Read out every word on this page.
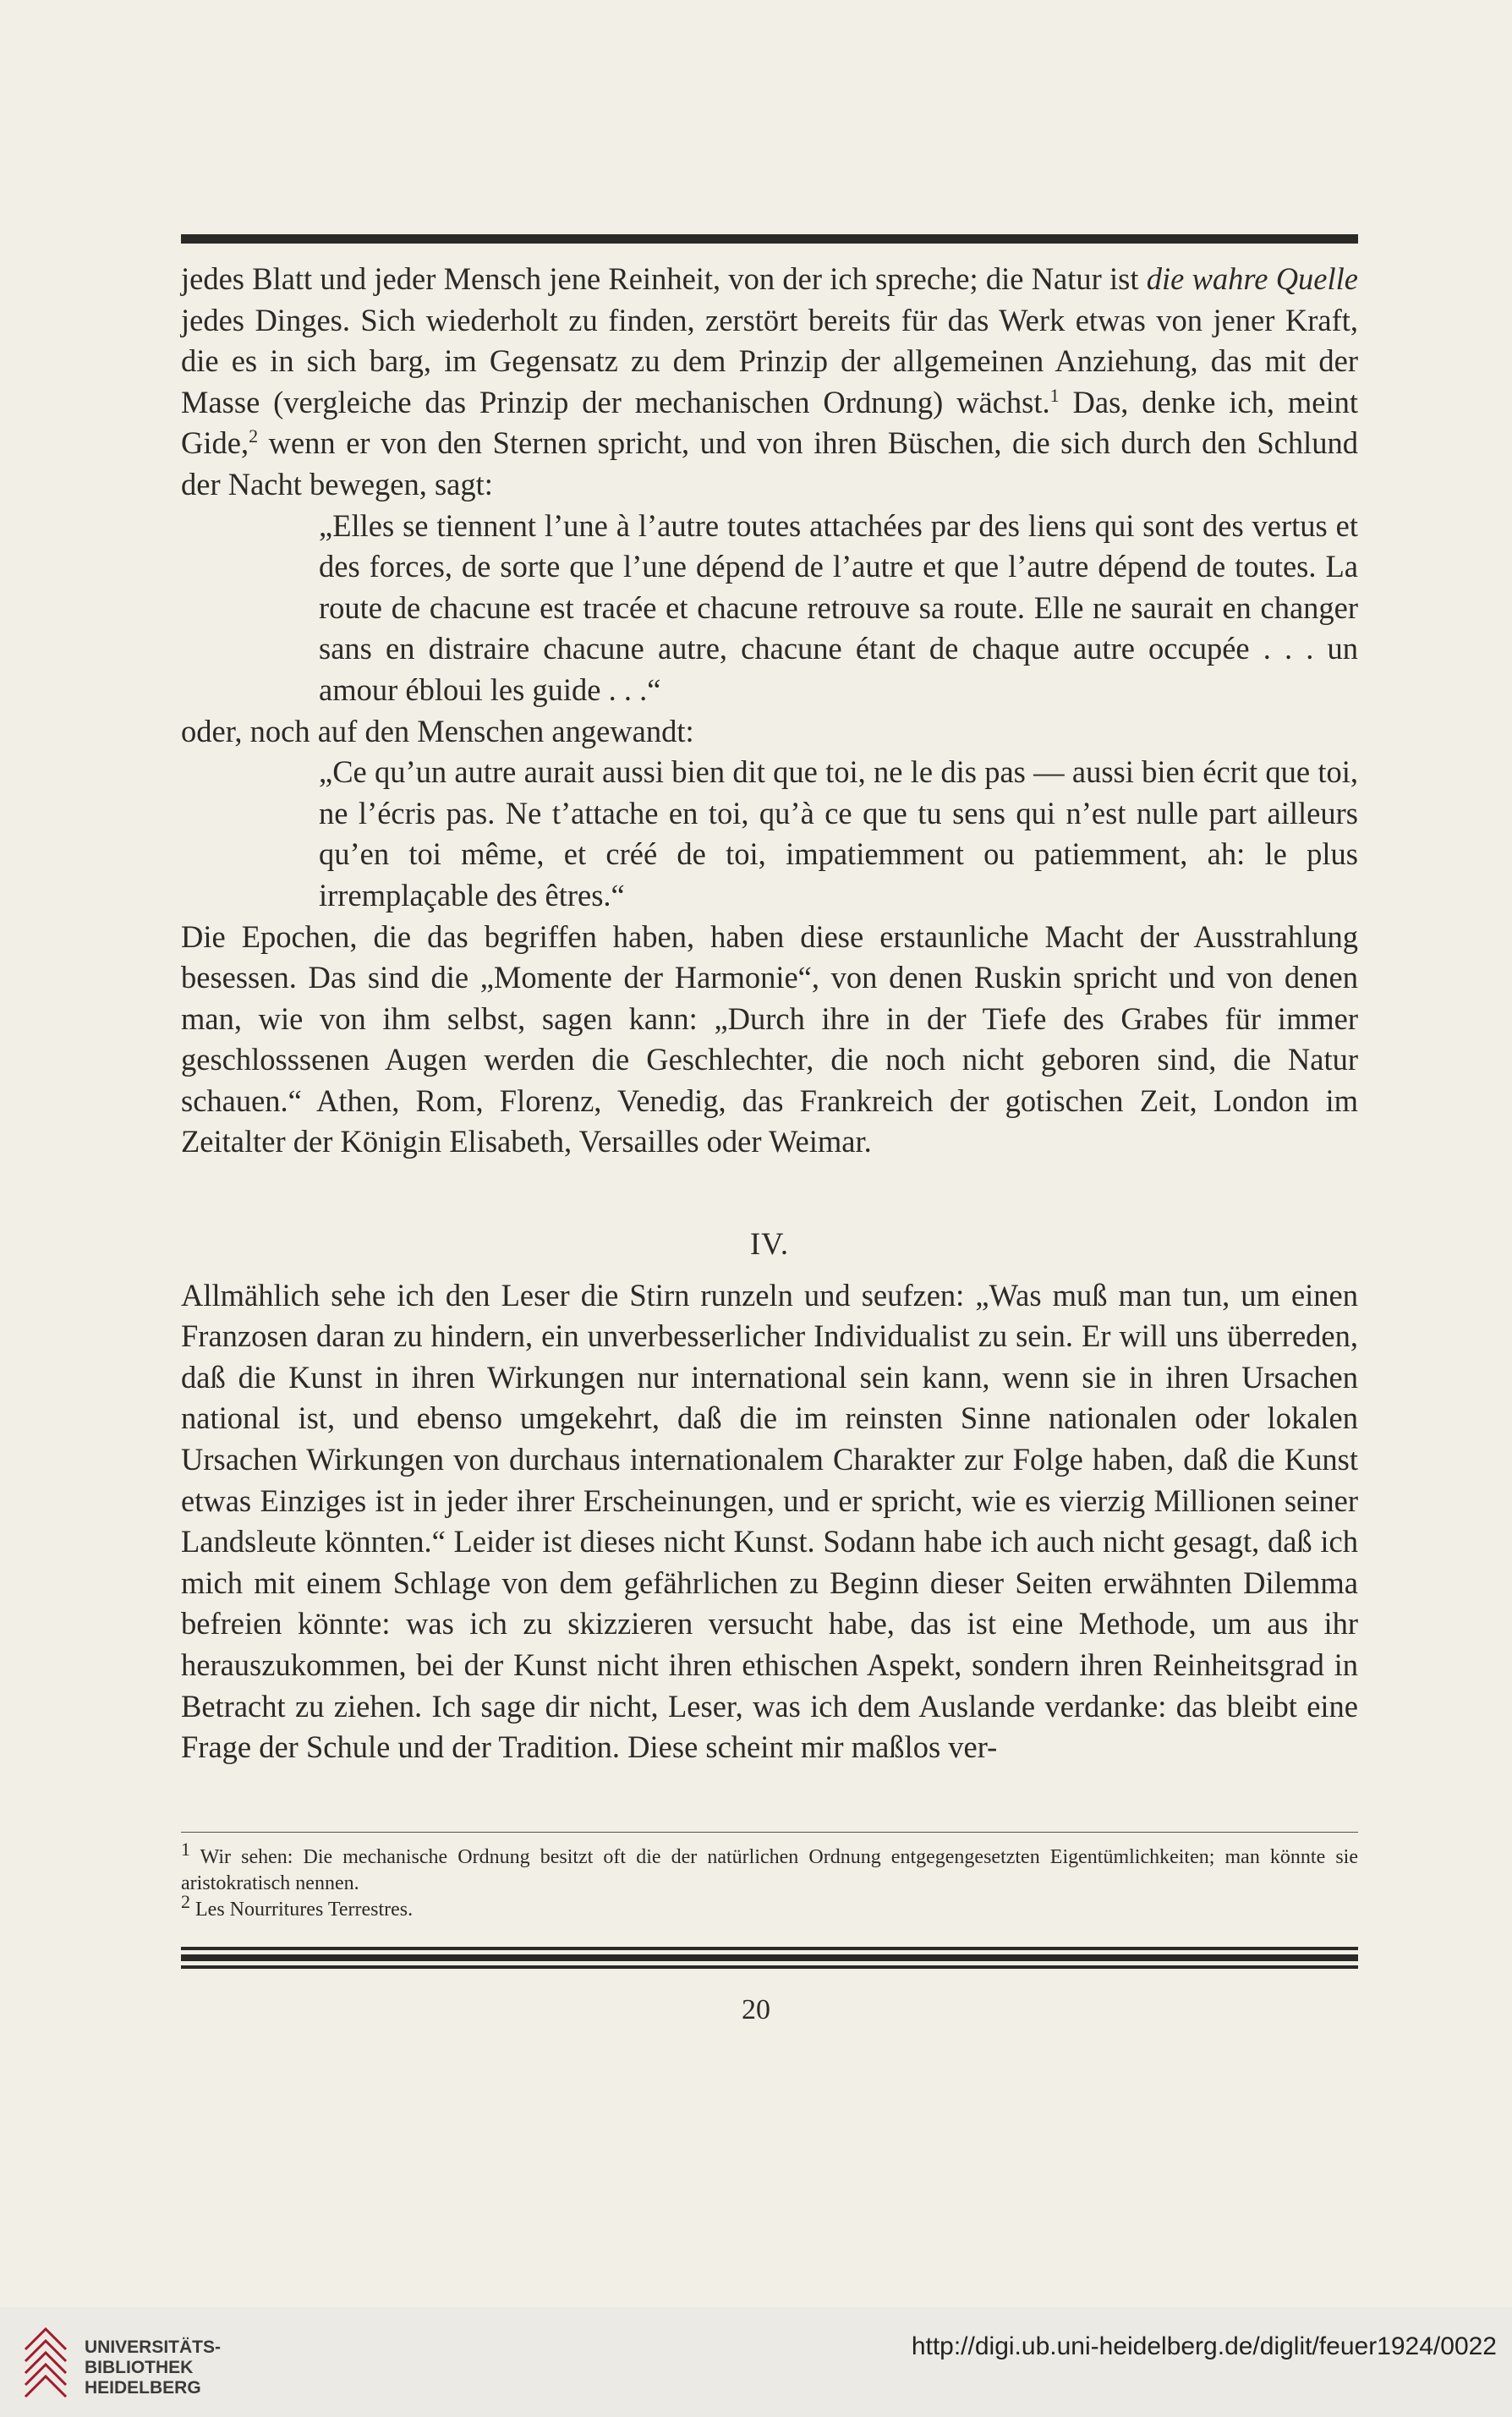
jedes Blatt und jeder Mensch jene Reinheit, von der ich spreche; die Natur ist die wahre Quelle jedes Dinges. Sich wiederholt zu finden, zerstört bereits für das Werk etwas von jener Kraft, die es in sich barg, im Gegensatz zu dem Prinzip der allgemeinen Anziehung, das mit der Masse (vergleiche das Prinzip der mechanischen Ordnung) wächst.$^1$ Das, denke ich, meint Gide,$^2$ wenn er von den Sternen spricht, und von ihren Büschen, die sich durch den Schlund der Nacht bewegen, sagt:

„Elles se tiennent l’une à l’autre toutes attachées par des liens qui sont des vertus et des forces, de sorte que l’une dépend de l’autre et que l’autre dépend de toutes. La route de chacune est tracée et chacune retrouve sa route. Elle ne saurait en changer sans en distraire chacune autre, chacune étant de chaque autre occupée . . . un amour ébloui les guide . . .“

oder, noch auf den Menschen angewandt:

„Ce qu’un autre aurait aussi bien dit que toi, ne le dis pas — aussi bien écrit que toi, ne l’écris pas. Ne t’attache en toi, qu’à ce que tu sens qui n’est nulle part ailleurs qu’en toi même, et créé de toi, impatiemment ou patiemment, ah: le plus irremplaçable des êtres.“

Die Epochen, die das begriffen haben, haben diese erstaunliche Macht der Ausstrahlung besessen. Das sind die „Momente der Harmonie“, von denen Ruskin spricht und von denen man, wie von ihm selbst, sagen kann: „Durch ihre in der Tiefe des Grabes für immer geschlosssenen Augen werden die Geschlechter, die noch nicht geboren sind, die Natur schauen.“ Athen, Rom, Florenz, Venedig, das Frankreich der gotischen Zeit, London im Zeitalter der Königin Elisabeth, Versailles oder Weimar.

IV.

Allmählich sehe ich den Leser die Stirn runzeln und seufzen: „Was muß man tun, um einen Franzosen daran zu hindern, ein unverbesserlicher Individualist zu sein. Er will uns überreden, daß die Kunst in ihren Wirkungen nur international sein kann, wenn sie in ihren Ursachen national ist, und ebenso umgekehrt, daß die im reinsten Sinne nationalen oder lokalen Ursachen Wirkungen von durchaus internationalem Charakter zur Folge haben, daß die Kunst etwas Einziges ist in jeder ihrer Erscheinungen, und er spricht, wie es vierzig Millionen seiner Landsleute könnten.“ Leider ist dieses nicht Kunst. Sodann habe ich auch nicht gesagt, daß ich mich mit einem Schlage von dem gefährlichen zu Beginn dieser Seiten erwähnten Dilemma befreien könnte: was ich zu skizzieren versucht habe, das ist eine Methode, um aus ihr herauszukommen, bei der Kunst nicht ihren ethischen Aspekt, sondern ihren Reinheitsgrad in Betracht zu ziehen. Ich sage dir nicht, Leser, was ich dem Auslande verdanke: das bleibt eine Frage der Schule und der Tradition. Diese scheint mir maßlos ver-

$^1$ Wir sehen: Die mechanische Ordnung besitzt oft die der natürlichen Ordnung entgegengesetzten Eigentümlichkeiten; man könnte sie aristokratisch nennen.

$^2$ Les Nourritures Terrestres.

20
UNIVERSITÄTS-
BIBLIOTHEK
HEIDELBERG
http://digi.ub.uni-heidelberg.de/diglit/feuer1924/0022
